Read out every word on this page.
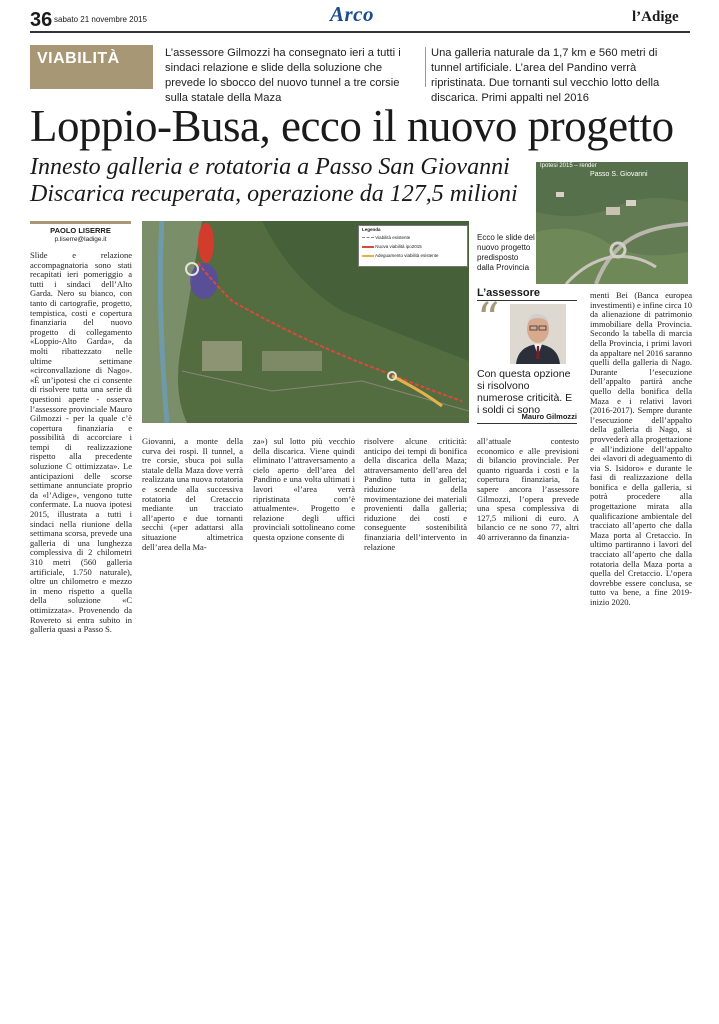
36 sabato 21 novembre 2015	Arco	l’Adige
VIABILITÀ	L’assessore Gilmozzi ha consegnato ieri a tutti i sindaci relazione e slide della soluzione che prevede lo sbocco del nuovo tunnel a tre corsie sulla statale della Maza
Una galleria naturale da 1,7 km e 560 metri di tunnel artificiale. L’area del Pandino verrà ripristinata. Due tornanti sul vecchio lotto della discarica. Primi appalti nel 2016
Loppio-Busa, ecco il nuovo progetto
Innesto galleria e rotatoria a Passo San Giovanni
Discarica recuperata, operazione da 127,5 milioni
Ipotesi 2015 – render
Passo S. Giovanni
Legenda
Viabilità esistente
Nuova viabilità ipo2015
Adeguamento viabilità esistente
Ecco le slide del nuovo progetto predisposto dalla Provincia
PAOLO LISERRE
p.liserre@ladige.it
Slide e relazione accompagnatoria sono stati recapitati ieri pomeriggio a tutti i sindaci dell’Alto Garda. Nero su bianco, con tanto di cartografie, progetto, tempistica, costi e copertura finanziaria del nuovo progetto di collegamento «Loppio-Alto Garda», da molti ribattezzato nelle ultime settimane «circonvallazione di Nago». «È un’ipotesi che ci consente di risolvere tutta una serie di questioni aperte - osserva l’assessore provinciale Mauro Gilmozzi - per la quale c’è copertura finanziaria e possibilità di accorciare i tempi di realizzazione rispetto alla precedente soluzione C ottimizzata». Le anticipazioni delle scorse settimane annunciate proprio da «l’Adige», vengono tutte confermate. La nuova ipotesi 2015, illustrata a tutti i sindaci nella riunione della settimana scorsa, prevede una galleria di una lunghezza complessiva di 2 chilometri 310 metri (560 galleria artificiale, 1.750 naturale), oltre un chilometro e mezzo in meno rispetto a quella della soluzione «C ottimizzata». Provenendo da Rovereto si entra subito in galleria quasi a Passo S.
Giovanni, a monte della curva dei rospi. Il tunnel, a tre corsie, sbuca poi sulla statale della Maza dove verrà realizzata una nuova rotatoria e scende alla successiva rotatoria del Cretaccio mediante un tracciato all’aperto e due tornanti secchi («per adattarsi alla situazione altimetrica dell’area della Ma-
za») sul lotto più vecchio della discarica. Viene quindi eliminato l’attraversamento a cielo aperto dell’area del Pandino e una volta ultimati i lavori «l’area verrà ripristinata com’è attualmente». Progetto e relazione degli uffici provinciali sottolineano come questa opzione consente di
risolvere alcune criticità: anticipo dei tempi di bonifica della discarica della Maza; attraversamento dell’area del Pandino tutta in galleria; riduzione della movimentazione dei materiali provenienti dalla galleria; riduzione dei costi e conseguente sostenibilità finanziaria dell’intervento in relazione
all’attuale contesto economico e alle previsioni di bilancio provinciale. Per quanto riguarda i costi e la copertura finanziaria, fa sapere ancora l’assessore Gilmozzi, l’opera prevede una spesa complessiva di 127,5 milioni di euro. A bilancio ce ne sono 77, altri 40 arriveranno da finanzia-
menti Bei (Banca europea investimenti) e infine circa 10 da alienazione di patrimonio immobiliare della Provincia. Secondo la tabella di marcia della Provincia, i primi lavori da appaltare nel 2016 saranno quelli della galleria di Nago. Durante l’esecuzione dell’appalto partirà anche quello della bonifica della Maza e i relativi lavori (2016-2017). Sempre durante l’esecuzione dell’appalto della galleria di Nago, si provvederà alla progettazione e all’indizione dell’appalto dei «lavori di adeguamento di via S. Isidoro» e durante le fasi di realizzazione della bonifica e della galleria, si potrà procedere alla progettazione mirata alla qualificazione ambientale del tracciato all’aperto che dalla Maza porta al Cretaccio. In ultimo partiranno i lavori del tracciato all’aperto che dalla rotatoria della Maza porta a quella del Cretaccio. L’opera dovrebbe essere conclusa, se tutto va bene, a fine 2019-inizio 2020.
L’assessore
“
Con questa opzione si risolvono numerose criticità. E i soldi ci sono
Mauro Gilmozzi
